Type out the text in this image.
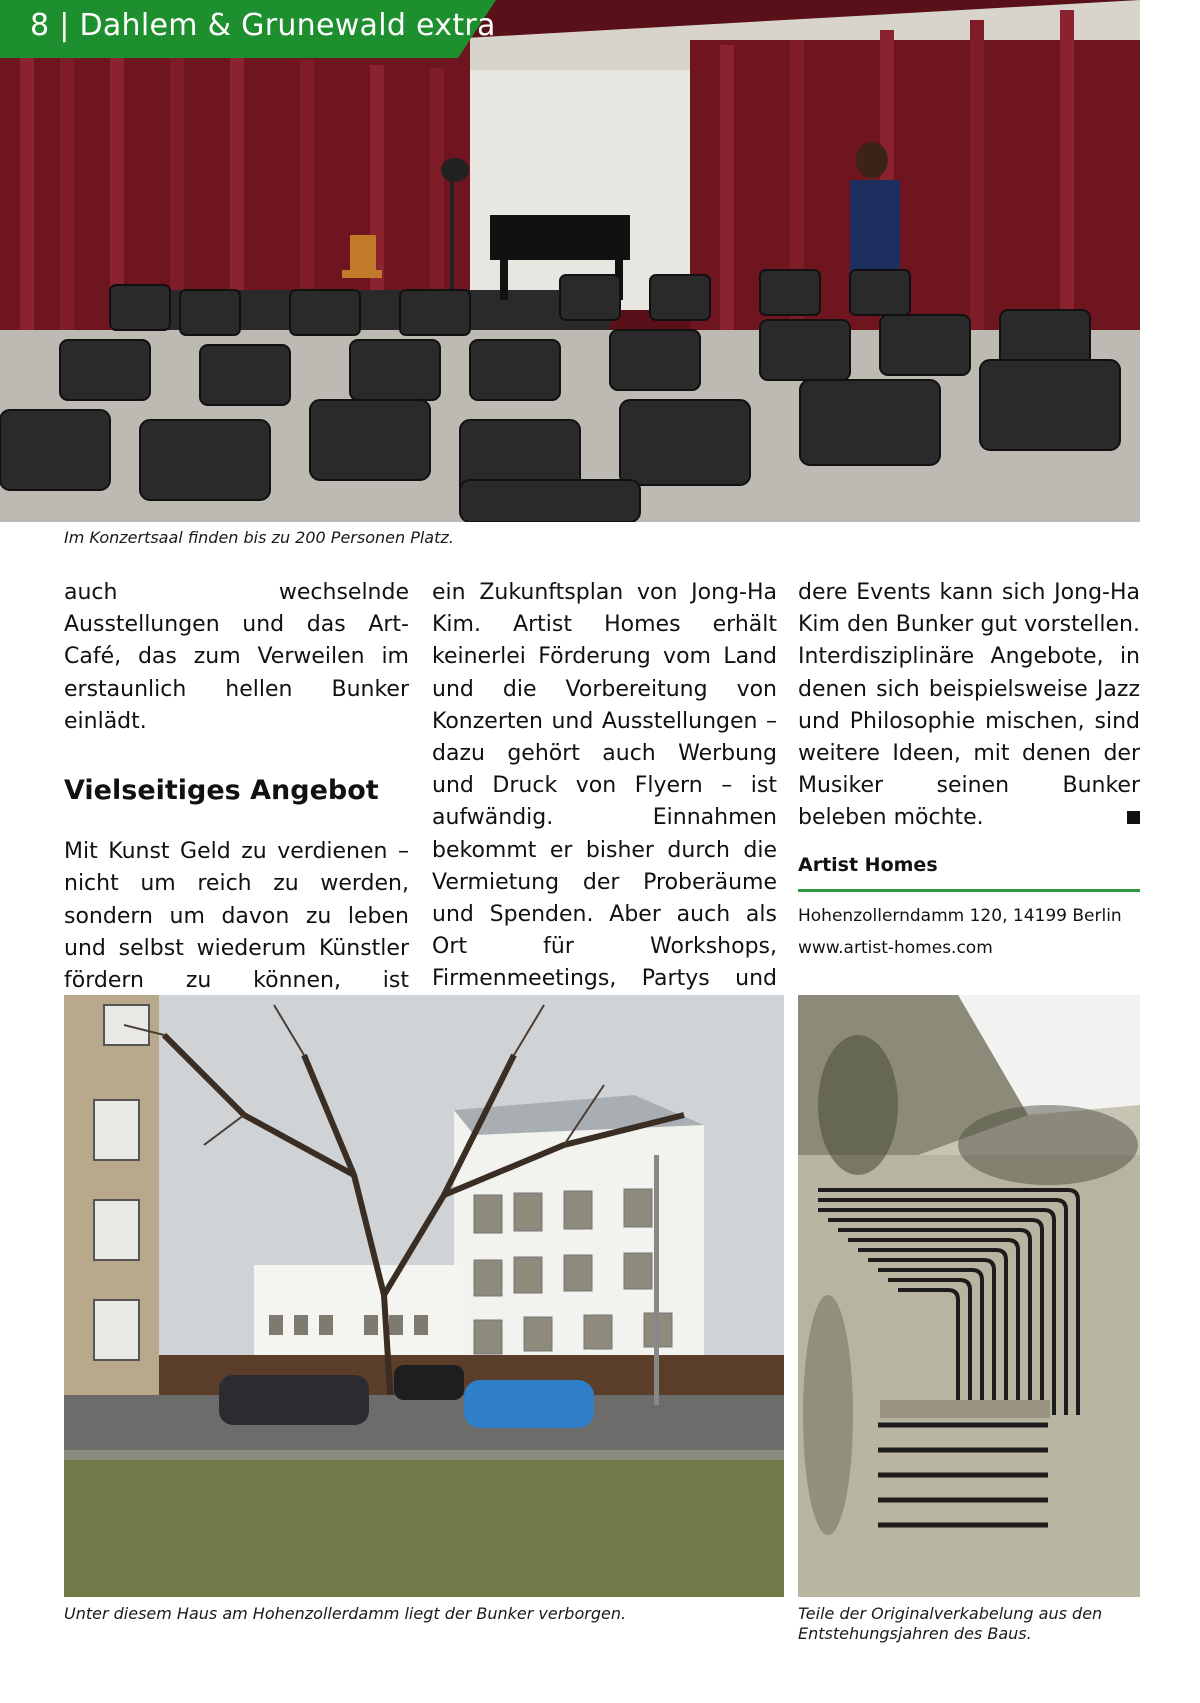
8 | Dahlem & Grunewald extra
Im Konzertsaal finden bis zu 200 Personen Platz.

auch wechselnde Ausstellungen und das Art-Café, das zum Verweilen im erstaunlich hellen Bunker einlädt.

Vielseitiges Angebot

Mit Kunst Geld zu verdienen – nicht um reich zu werden, sondern um davon zu leben und selbst wiederum Künstler fördern zu können, ist

ein Zukunftsplan von Jong-Ha Kim. Artist Homes erhält keinerlei Förderung vom Land und die Vorbereitung von Konzerten und Ausstellungen – dazu gehört auch Werbung und Druck von Flyern – ist aufwändig. Einnahmen bekommt er bisher durch die Vermietung der Proberäume und Spenden. Aber auch als Ort für Workshops, Firmenmeetings, Partys und

dere Events kann sich Jong-Ha Kim den Bunker gut vorstellen. Interdisziplinäre Angebote, in denen sich beispielsweise Jazz und Philosophie mischen, sind weitere Ideen, mit denen der Musiker seinen Bunker beleben möchte.

Artist Homes
Hohenzollerndamm 120, 14199 Berlin
www.artist-homes.com
Unter diesem Haus am Hohenzollerdamm liegt der Bunker verborgen.	Teile der Originalverkabelung aus den Entstehungsjahren des Baus.
